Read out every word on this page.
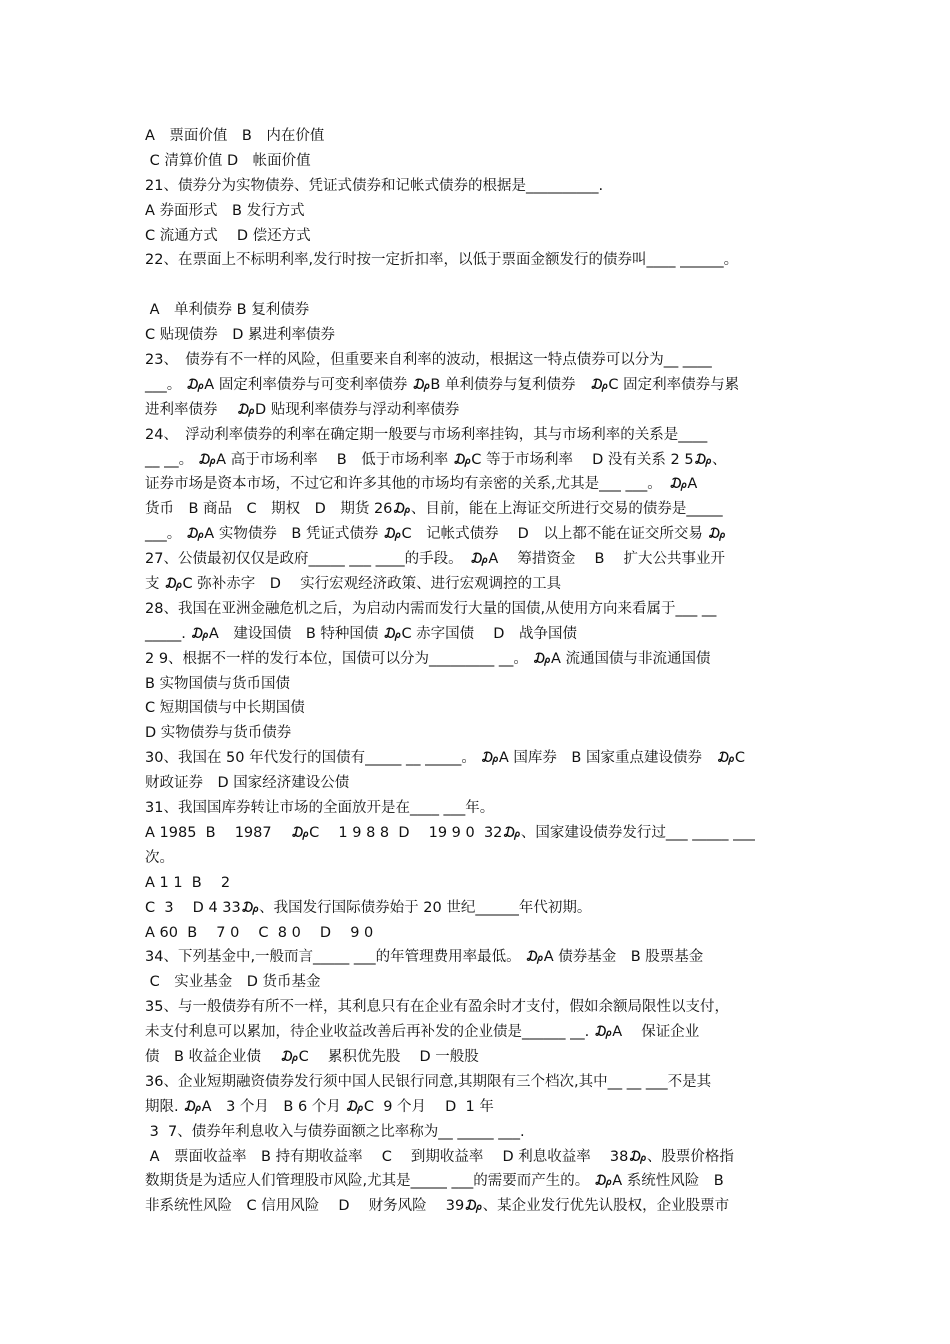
A　票面价值　B　内在价值
C 清算价值 D　帐面价值
21、债券分为实物债券、凭证式债券和记帐式债券的根据是__________.
A 券面形式　B 发行方式
C 流通方式　 D 偿还方式
22、在票面上不标明利率,发行时按一定折扣率，以低于票面金额发行的债券叫____ ______。
A　单利债券 B 复利债券
C 贴现债券　D 累进利率债券
23、　债券有不一样的风险，但重要来自利率的波动，根据这一特点债券可以分为__ ____
___。 ₯A 固定利率债券与可变利率债券 ₯B 单利债券与复利债券　₯C 固定利率债券与累
进利率债券　 ₯D 贴现利率债券与浮动利率债券
24、　浮动利率债券的利率在确定期一般要与市场利率挂钩，其与市场利率的关系是____
__ __。 ₯A 高于市场利率　 B　低于市场利率 ₯C 等于市场利率　 D 没有关系 2 5₯、
证券市场是资本市场，不过它和许多其他的市场均有亲密的关系,尤其是___ ___。　₯A
货币　B 商品　C　期权　D　期货 26₯、目前，能在上海证交所进行交易的债券是_____
___。 ₯A 实物债券　B 凭证式债券 ₯C　记帐式债券　 D　以上都不能在证交所交易 ₯
27、公债最初仅仅是政府_____ ___ ____的手段。　₯A　 筹措资金　 B　 扩大公共事业开
支 ₯C 弥补赤字　D　 实行宏观经济政策、进行宏观调控的工具
28、我国在亚洲金融危机之后，为启动内需而发行大量的国债,从使用方向来看属于___ __
_____. ₯A　建设国债　B 特种国债 ₯C 赤字国债　 D　战争国债
2 9、根据不一样的发行本位，国债可以分为_________ __。 ₯A 流通国债与非流通国债
B 实物国债与货币国债
C 短期国债与中长期国债
D 实物债券与货币债券
30、我国在 50 年代发行的国债有_____ __ _____。 ₯A 国库券　B 国家重点建设债券　₯C
财政证券　D 国家经济建设公债
31、我国国库券转让市场的全面放开是在____ ___年。
A 1985  B　 1987　 ₯C　 1 9 8 8  D　 19 9 0  32₯、国家建设债券发行过___ _____ ___
次。
A 1 1  B　 2
C  3　 D 4 33₯、我国发行国际债券始于 20 世纪______年代初期。
A 60  B　 7 0　 C  8 0　 D　 9 0
34、下列基金中,一般而言_____ ___的年管理费用率最低。 ₯A 债券基金　B 股票基金
C　实业基金　D 货币基金
35、与一般债券有所不一样，其利息只有在企业有盈余时才支付，假如余额局限性以支付，
未支付利息可以累加，待企业收益改善后再补发的企业债是______ __. ₯A　 保证企业
债　B 收益企业债　 ₯C　 累积优先股　 D 一般股
36、企业短期融资债券发行须中国人民银行同意,其期限有三个档次,其中__ __ ___不是其
期限. ₯A　3 个月　B 6 个月 ₯C  9 个月　 D  1 年
3  7、债券年利息收入与债券面额之比率称为__ _____ ___.
A　票面收益率　B 持有期收益率　 C　 到期收益率　 D 利息收益率　 38₯、股票价格指
数期货是为适应人们管理股市风险,尤其是_____ ___的需要而产生的。 ₯A 系统性风险　B
非系统性风险　C 信用风险　 D　 财务风险　 39₯、某企业发行优先认股权，企业股票市
